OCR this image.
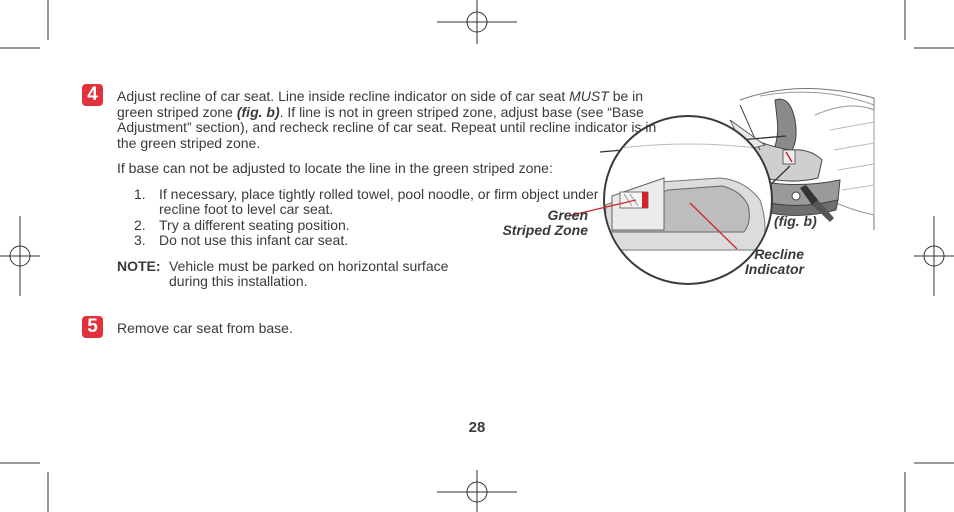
4	Adjust recline of car seat. Line inside recline indicator on side of car seat MUST be in green striped zone (fig. b). If line is not in green striped zone, adjust base (see “Base Adjustment” section), and recheck recline of car seat. Repeat until recline indicator is in the green striped zone.

If base can not be adjusted to locate the line in the green striped zone:

1. If necessary, place tightly rolled towel, pool noodle, or firm object under recline foot to level car seat.
2. Try a different seating position.
3. Do not use this infant car seat.
NOTE: Vehicle must be parked on horizontal surface during this installation.
5	Remove car seat from base.
Green
Striped Zone
Recline
Indicator
(fig. b)
28
